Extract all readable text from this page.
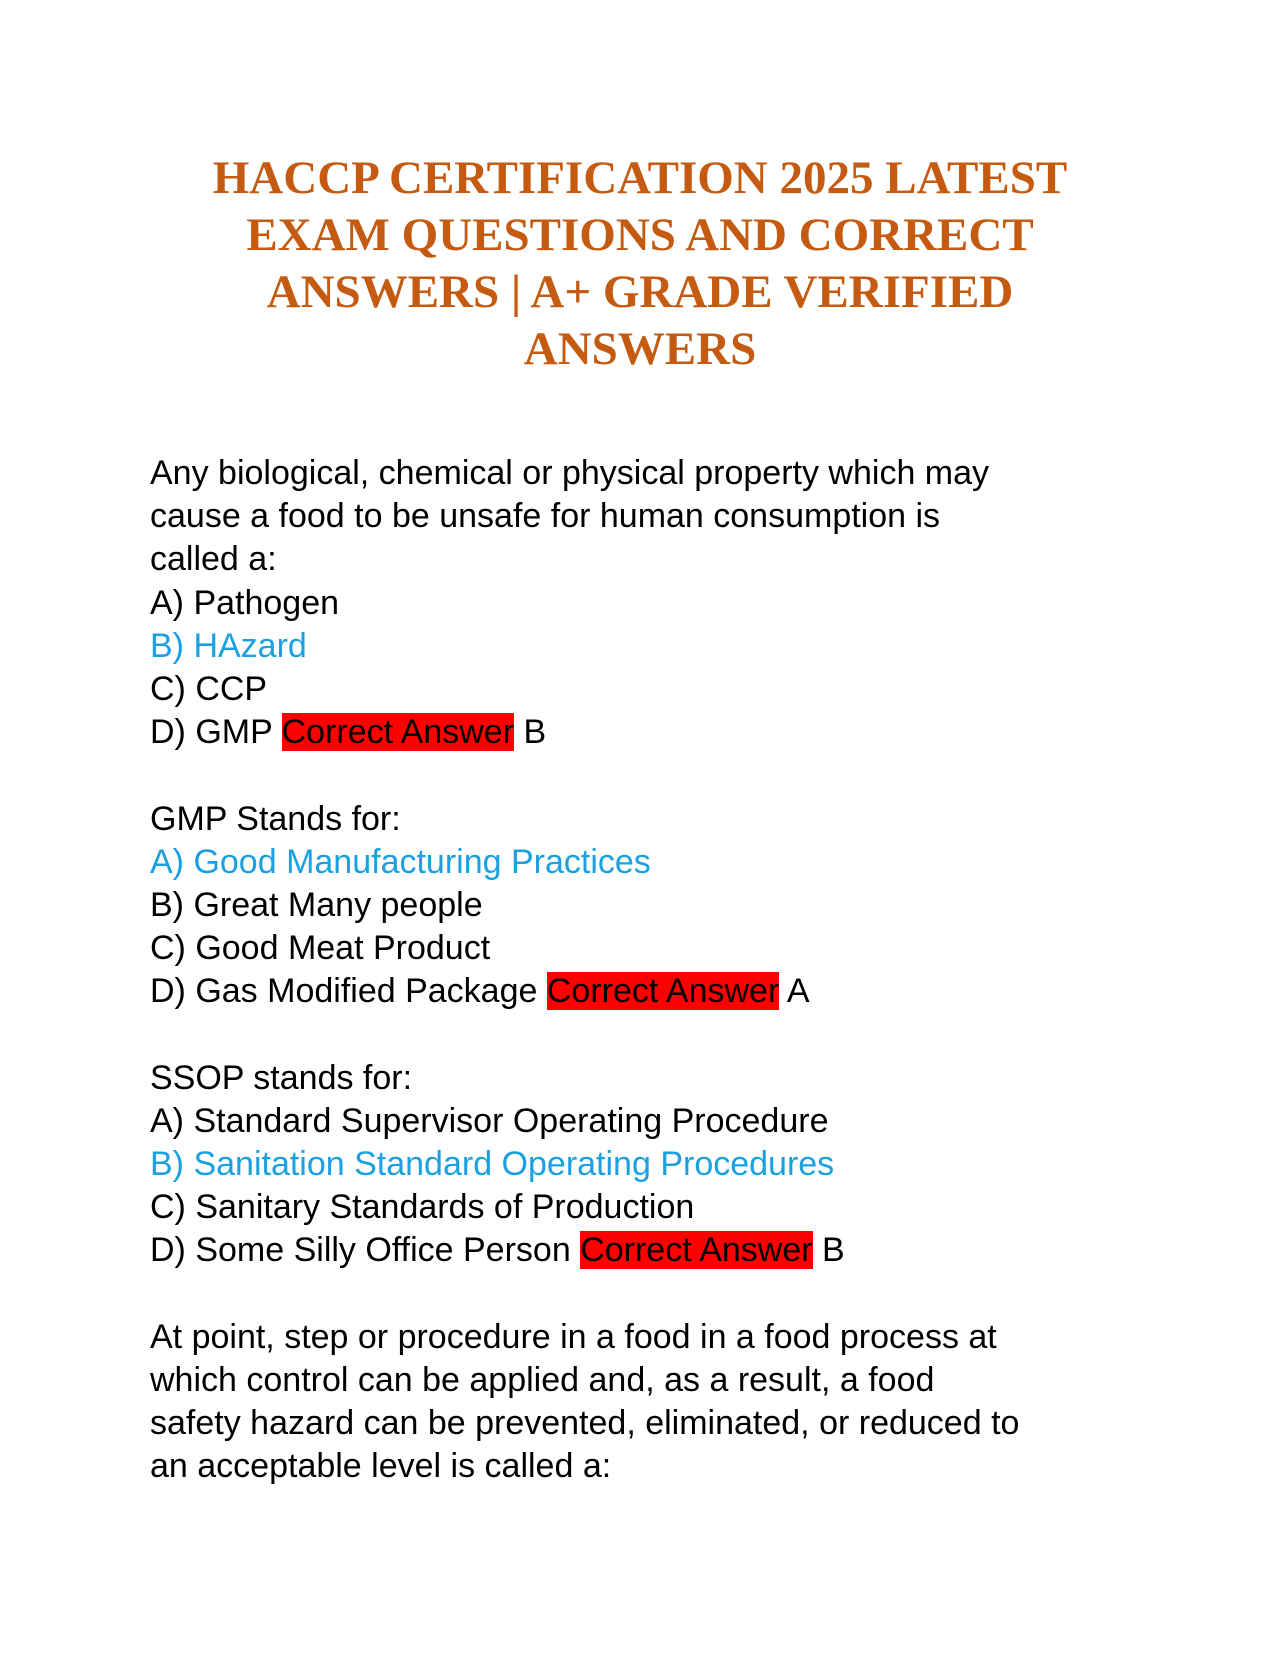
HACCP CERTIFICATION 2025 LATEST
EXAM QUESTIONS AND CORRECT
ANSWERS | A+ GRADE VERIFIED
ANSWERS
Any biological, chemical or physical property which may
cause a food to be unsafe for human consumption is
called a:
A) Pathogen
B) HAzard
C) CCP
D) GMP Correct Answer B
GMP Stands for:
A) Good Manufacturing Practices
B) Great Many people
C) Good Meat Product
D) Gas Modified Package Correct Answer A
SSOP stands for:
A) Standard Supervisor Operating Procedure
B) Sanitation Standard Operating Procedures
C) Sanitary Standards of Production
D) Some Silly Office Person Correct Answer B
At point, step or procedure in a food in a food process at
which control can be applied and, as a result, a food
safety hazard can be prevented, eliminated, or reduced to
an acceptable level is called a:
